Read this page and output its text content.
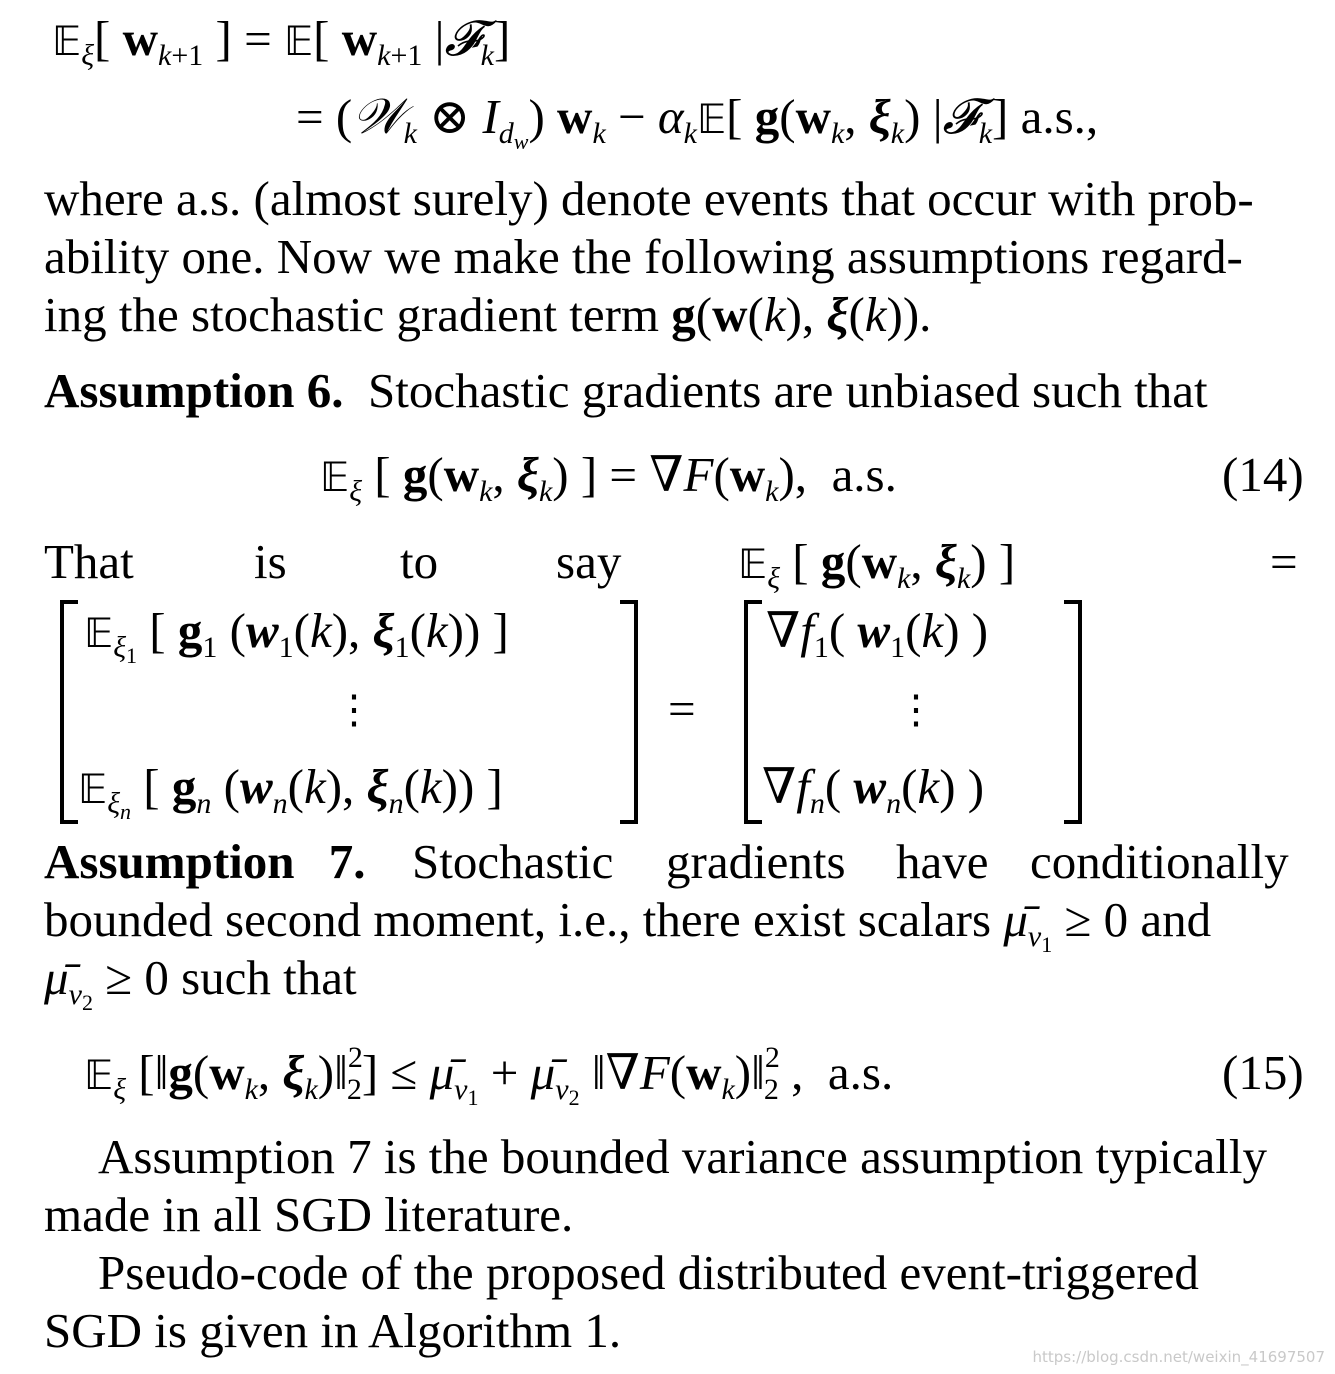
𝔼$_\xi$[ $w_{k+1}$ ] = 𝔼[ $w_{k+1}$ |𝓕$_k$]
= (𝒲$_k$ ⊗ $I_{d_w}$) $w_k$ − $\alpha_k𝔼$[ $g(w_k$, $\xi_k$) |𝓕$_k$] a.s.,
where a.s. (almost surely) denote events that occur with prob-
ability one. Now we make the following assumptions regard-
ing the stochastic gradient term g(w(k), ξ(k)).
Assumption 6. Stochastic gradients are unbiased such that
𝔼$_\xi$ [ $g(w_k$, $\xi_k$) ] = $\nabla F(w_k)$,  a.s.	(14)
That is to say	𝔼$_\xi$ [ $g(w_k$, $\xi_k$) ]	=
𝔼$_{\xi_1}$ [ $g_1$ ($w_1(k)$, $\xi_1(k)$) ]
⋮
𝔼$_{\xi_n}$ [ $g_n$ ($w_n(k)$, $\xi_n(k)$) ]
=
$\nabla f_1$( $w_1(k)$ )
⋮
$\nabla f_n$( $w_n(k)$ )
Assumption 7. Stochastic gradients have conditionally
bounded second moment, i.e., there exist scalars $\mū_{v_1} \ge 0$ and
$\mū_{v_2} \ge 0$ such that
𝔼$_\xi$ [$‖g(w_k$, $\xi_k)‖^2_2$] ≤ $\mū_{v_1}$ + $\mū_{v_2}$ $‖\nabla F(w_k)‖^2_2$ ,  a.s.	(15)
Assumption 7 is the bounded variance assumption typically
made in all SGD literature.
Pseudo-code of the proposed distributed event-triggered
SGD is given in Algorithm 1.	https://blog.csdn.net/weixin_41697507
